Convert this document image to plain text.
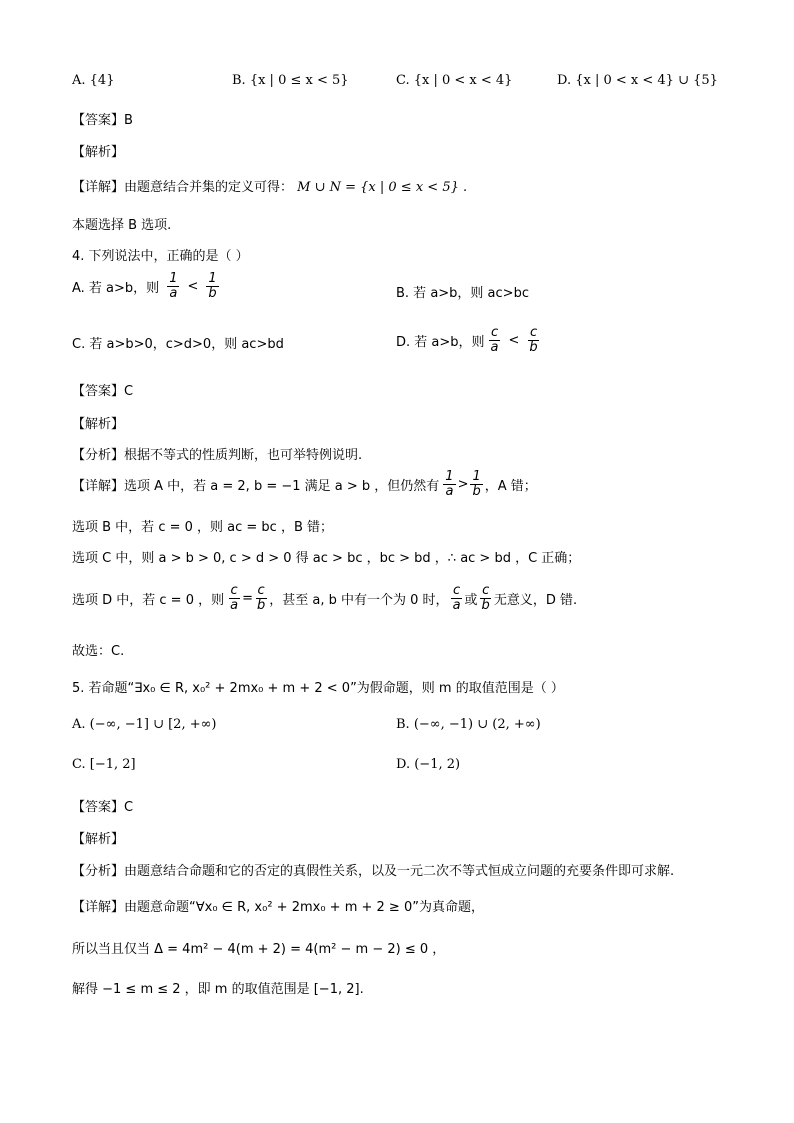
A. {4}	B. {x | 0 ≤ x < 5}	C. {x | 0 < x < 4}	D. {x | 0 < x < 4} ∪ {5}
【答案】B
【解析】
【详解】由题意结合并集的定义可得： M ∪ N = {x | 0 ≤ x < 5} .
本题选择 B 选项.
4. 下列说法中，正确的是（ ）
A. 若 a>b，则 $\frac{1}{a} < \frac{1}{b}$	B. 若 a>b，则 ac>bc
C. 若 a>b>0，c>d>0，则 ac>bd	D. 若 a>b，则 $\frac{c}{a} < \frac{c}{b}$
【答案】C
【解析】
【分析】根据不等式的性质判断，也可举特例说明.
【详解】选项 A 中，若 a = 2, b = −1 满足 a > b ，但仍然有 $\frac{1}{a} > \frac{1}{b}$ ，A 错；
选项 B 中，若 c = 0 ，则 ac = bc ，B 错；
选项 C 中，则 a > b > 0, c > d > 0 得 ac > bc ，bc > bd ，∴ ac > bd ，C 正确；
选项 D 中，若 c = 0 ，则 $\frac{c}{a} = \frac{c}{b}$ ，甚至 a, b 中有一个为 0 时， $\frac{c}{a}$ 或 $\frac{c}{b}$ 无意义，D 错.
故选：C.
5. 若命题“∃x₀ ∈ R, x₀² + 2mx₀ + m + 2 < 0”为假命题，则 m 的取值范围是（ ）
A. (−∞, −1] ∪ [2, +∞)	B. (−∞, −1) ∪ (2, +∞)
C. [−1, 2]	D. (−1, 2)
【答案】C
【解析】
【分析】由题意结合命题和它的否定的真假性关系，以及一元二次不等式恒成立问题的充要条件即可求解.
【详解】由题意命题“∀x₀ ∈ R, x₀² + 2mx₀ + m + 2 ≥ 0”为真命题，
所以当且仅当 Δ = 4m² − 4(m + 2) = 4(m² − m − 2) ≤ 0 ，
解得 −1 ≤ m ≤ 2 ，即 m 的取值范围是 [−1, 2].
